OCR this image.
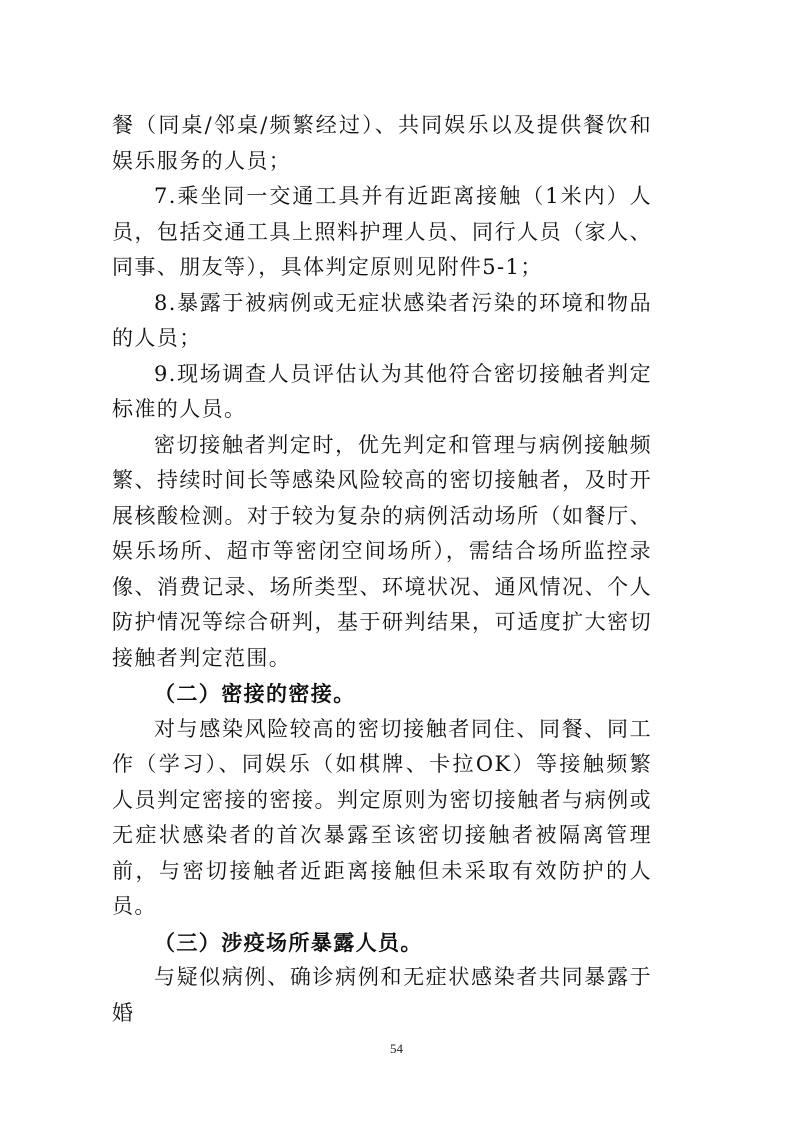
餐（同桌/邻桌/频繁经过）、共同娱乐以及提供餐饮和娱乐服务的人员；

7.乘坐同一交通工具并有近距离接触（1米内）人员，包括交通工具上照料护理人员、同行人员（家人、同事、朋友等），具体判定原则见附件5-1；

8.暴露于被病例或无症状感染者污染的环境和物品的人员；

9.现场调查人员评估认为其他符合密切接触者判定标准的人员。

密切接触者判定时，优先判定和管理与病例接触频繁、持续时间长等感染风险较高的密切接触者，及时开展核酸检测。对于较为复杂的病例活动场所（如餐厅、娱乐场所、超市等密闭空间场所），需结合场所监控录像、消费记录、场所类型、环境状况、通风情况、个人防护情况等综合研判，基于研判结果，可适度扩大密切接触者判定范围。

（二）密接的密接。

对与感染风险较高的密切接触者同住、同餐、同工作（学习）、同娱乐（如棋牌、卡拉OK）等接触频繁人员判定密接的密接。判定原则为密切接触者与病例或无症状感染者的首次暴露至该密切接触者被隔离管理前，与密切接触者近距离接触但未采取有效防护的人员。

（三）涉疫场所暴露人员。

与疑似病例、确诊病例和无症状感染者共同暴露于婚

54
